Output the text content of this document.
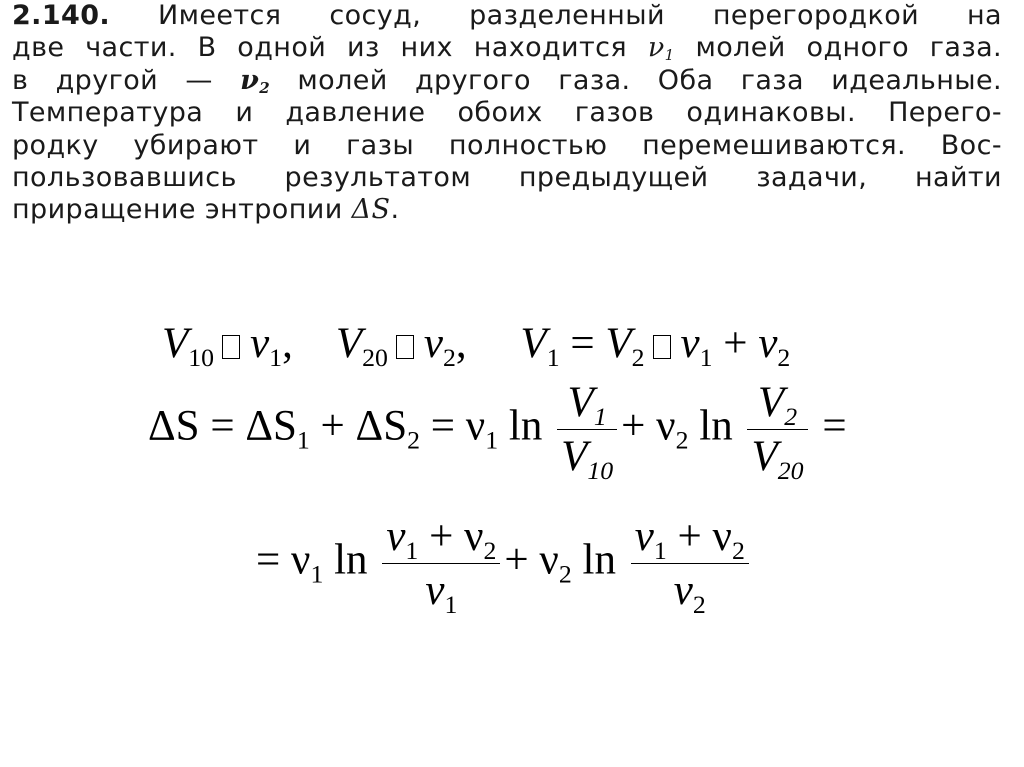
2.140. Имеется сосуд, разделенный перегородкой на
две части. В одной из них находится $\nu_1$ молей одного газа.
в другой — $\nu_2$ молей другого газа. Оба газа идеальные.
Температура и давление обоих газов одинаковы. Перего-
родку убирают и газы полностью перемешиваются. Вос-
пользовавшись результатом предыдущей задачи, найти
приращение энтропии ΔS.
$V_{10}$ $\nu_1$, $V_{20}$ $\nu_2$, $V_1 = V_2$ $\nu_1 + \nu_2$
$\Delta S = \Delta S_1 + \Delta S_2 = \nu_1$ $\ln \frac{V_1}{V_{10}} + \nu_2$ $\ln \frac{V_2}{V_{20}}$ =
= $\nu_1$ $\ln \frac{\nu_1 + \nu_2}{\nu_1} + \nu_2$ $\ln \frac{\nu_1 + \nu_2}{\nu_2}$
